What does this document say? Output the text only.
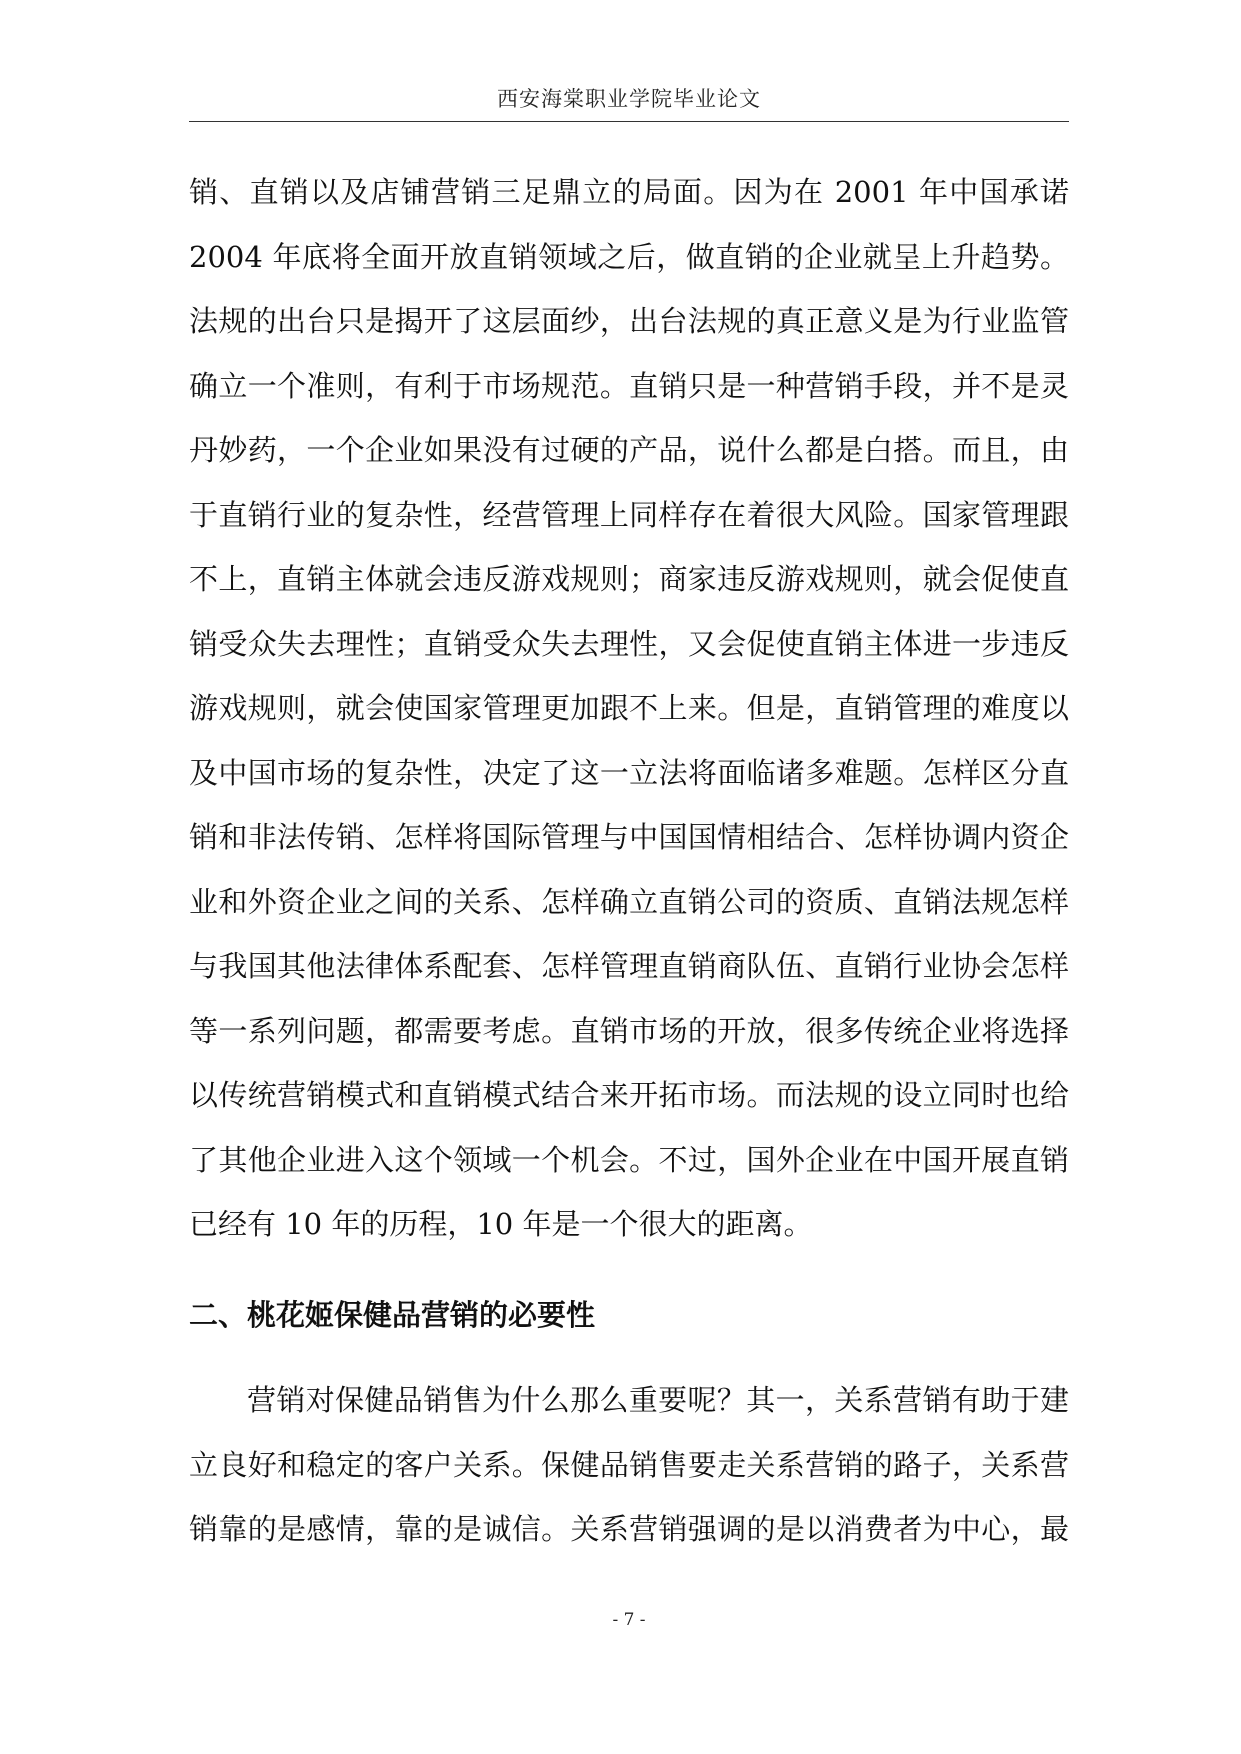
西安海棠职业学院毕业论文
销、直销以及店铺营销三足鼎立的局面。因为在 2001 年中国承诺
2004 年底将全面开放直销领域之后，做直销的企业就呈上升趋势。
法规的出台只是揭开了这层面纱，出台法规的真正意义是为行业监管
确立一个准则，有利于市场规范。直销只是一种营销手段，并不是灵
丹妙药，一个企业如果没有过硬的产品，说什么都是白搭。而且，由
于直销行业的复杂性，经营管理上同样存在着很大风险。国家管理跟
不上，直销主体就会违反游戏规则；商家违反游戏规则，就会促使直
销受众失去理性；直销受众失去理性，又会促使直销主体进一步违反
游戏规则，就会使国家管理更加跟不上来。但是，直销管理的难度以
及中国市场的复杂性，决定了这一立法将面临诸多难题。怎样区分直
销和非法传销、怎样将国际管理与中国国情相结合、怎样协调内资企
业和外资企业之间的关系、怎样确立直销公司的资质、直销法规怎样
与我国其他法律体系配套、怎样管理直销商队伍、直销行业协会怎样
等一系列问题，都需要考虑。直销市场的开放，很多传统企业将选择
以传统营销模式和直销模式结合来开拓市场。而法规的设立同时也给
了其他企业进入这个领域一个机会。不过，国外企业在中国开展直销
已经有 10 年的历程，10 年是一个很大的距离。
二、桃花姬保健品营销的必要性
营销对保健品销售为什么那么重要呢？其一，关系营销有助于建
立良好和稳定的客户关系。保健品销售要走关系营销的路子，关系营
销靠的是感情，靠的是诚信。关系营销强调的是以消费者为中心，最
- 7 -
